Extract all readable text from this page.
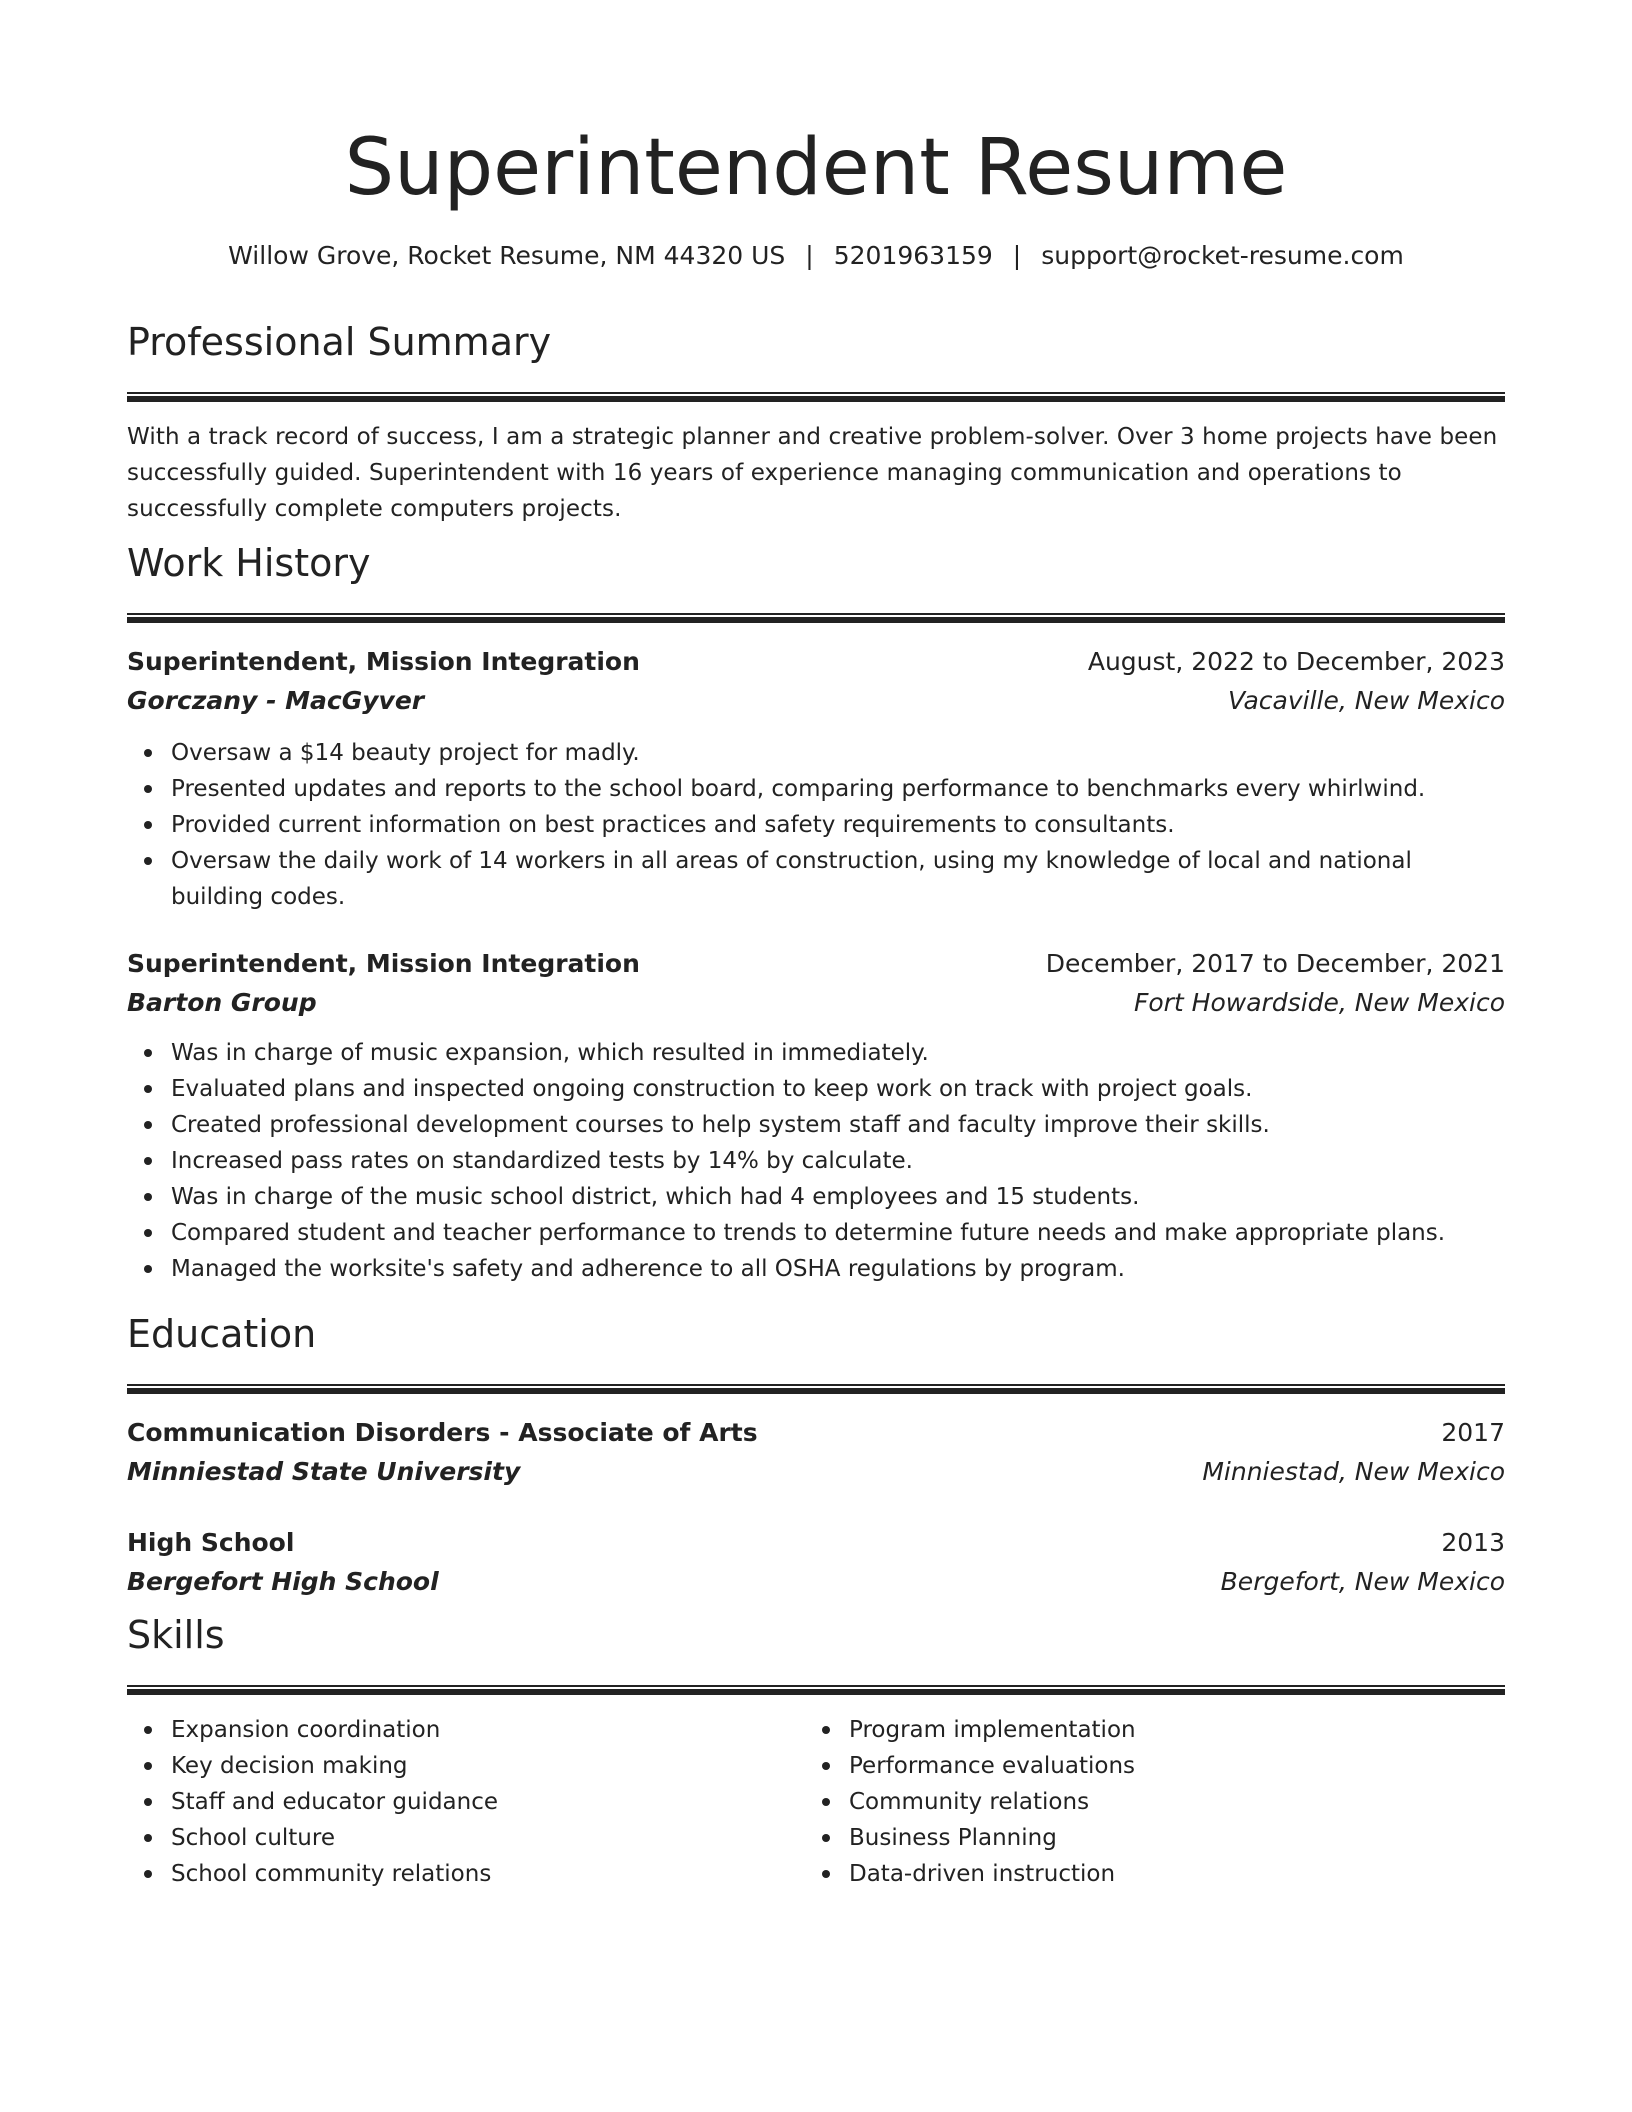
Superintendent Resume
Willow Grove, Rocket Resume, NM 44320 US | 5201963159 | support@rocket-resume.com
Professional Summary
With a track record of success, I am a strategic planner and creative problem-solver. Over 3 home projects have been successfully guided. Superintendent with 16 years of experience managing communication and operations to successfully complete computers projects.
Work History
Superintendent, Mission Integration	August, 2022 to December, 2023
Gorczany - MacGyver	Vacaville, New Mexico
Oversaw a $14 beauty project for madly.
Presented updates and reports to the school board, comparing performance to benchmarks every whirlwind.
Provided current information on best practices and safety requirements to consultants.
Oversaw the daily work of 14 workers in all areas of construction, using my knowledge of local and national building codes.
Superintendent, Mission Integration	December, 2017 to December, 2021
Barton Group	Fort Howardside, New Mexico
Was in charge of music expansion, which resulted in immediately.
Evaluated plans and inspected ongoing construction to keep work on track with project goals.
Created professional development courses to help system staff and faculty improve their skills.
Increased pass rates on standardized tests by 14% by calculate.
Was in charge of the music school district, which had 4 employees and 15 students.
Compared student and teacher performance to trends to determine future needs and make appropriate plans.
Managed the worksite's safety and adherence to all OSHA regulations by program.
Education
Communication Disorders - Associate of Arts	2017
Minniestad State University	Minniestad, New Mexico
High School	2013
Bergefort High School	Bergefort, New Mexico
Skills
Expansion coordination
Key decision making
Staff and educator guidance
School culture
School community relations
Program implementation
Performance evaluations
Community relations
Business Planning
Data-driven instruction
